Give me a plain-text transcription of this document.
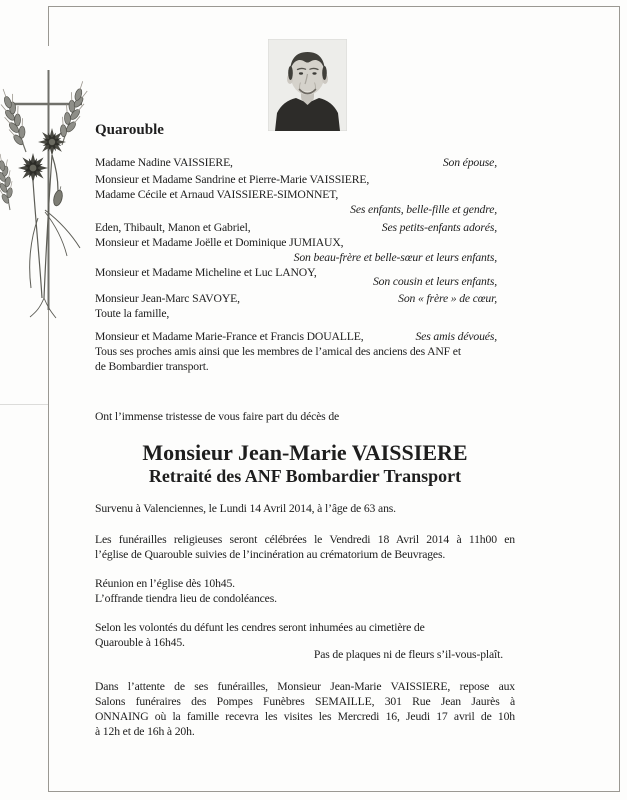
Quarouble
Madame Nadine VAISSIERE,	Son épouse,
Monsieur et Madame Sandrine et Pierre-Marie VAISSIERE,
Madame Cécile et Arnaud VAISSIERE-SIMONNET,
Ses enfants, belle-fille et gendre,
Eden, Thibault, Manon et Gabriel,	Ses petits-enfants adorés,
Monsieur et Madame Joëlle et Dominique JUMIAUX,
Son beau-frère et belle-sœur et leurs enfants,
Monsieur et Madame Micheline et Luc LANOY,
Son cousin et leurs enfants,
Monsieur Jean-Marc SAVOYE,	Son « frère » de cœur,
Toute la famille,
Monsieur et Madame Marie-France et Francis DOUALLE,	Ses amis dévoués,
Tous ses proches amis ainsi que les membres de l’amical des anciens des ANF et
de Bombardier transport.

Ont l’immense tristesse de vous faire part du décès de

Monsieur Jean-Marie VAISSIERE
Retraité des ANF Bombardier Transport

Survenu à Valenciennes, le Lundi 14 Avril 2014, à l’âge de 63 ans.

Les funérailles religieuses seront célébrées le Vendredi 18 Avril 2014 à 11h00 en
l’église de Quarouble suivies de l’incinération au crématorium de Beuvrages.
Réunion en l’église dès 10h45.
L’offrande tiendra lieu de condoléances.
Selon les volontés du défunt les cendres seront inhumées au cimetière de
Quarouble à 16h45.
Pas de plaques ni de fleurs s’il-vous-plaît.
Dans l’attente de ses funérailles, Monsieur Jean-Marie VAISSIERE, repose aux
Salons funéraires des Pompes Funèbres SEMAILLE, 301 Rue Jean Jaurès à
ONNAING où la famille recevra les visites les Mercredi 16, Jeudi 17 avril de 10h
à 12h et de 16h à 20h.
